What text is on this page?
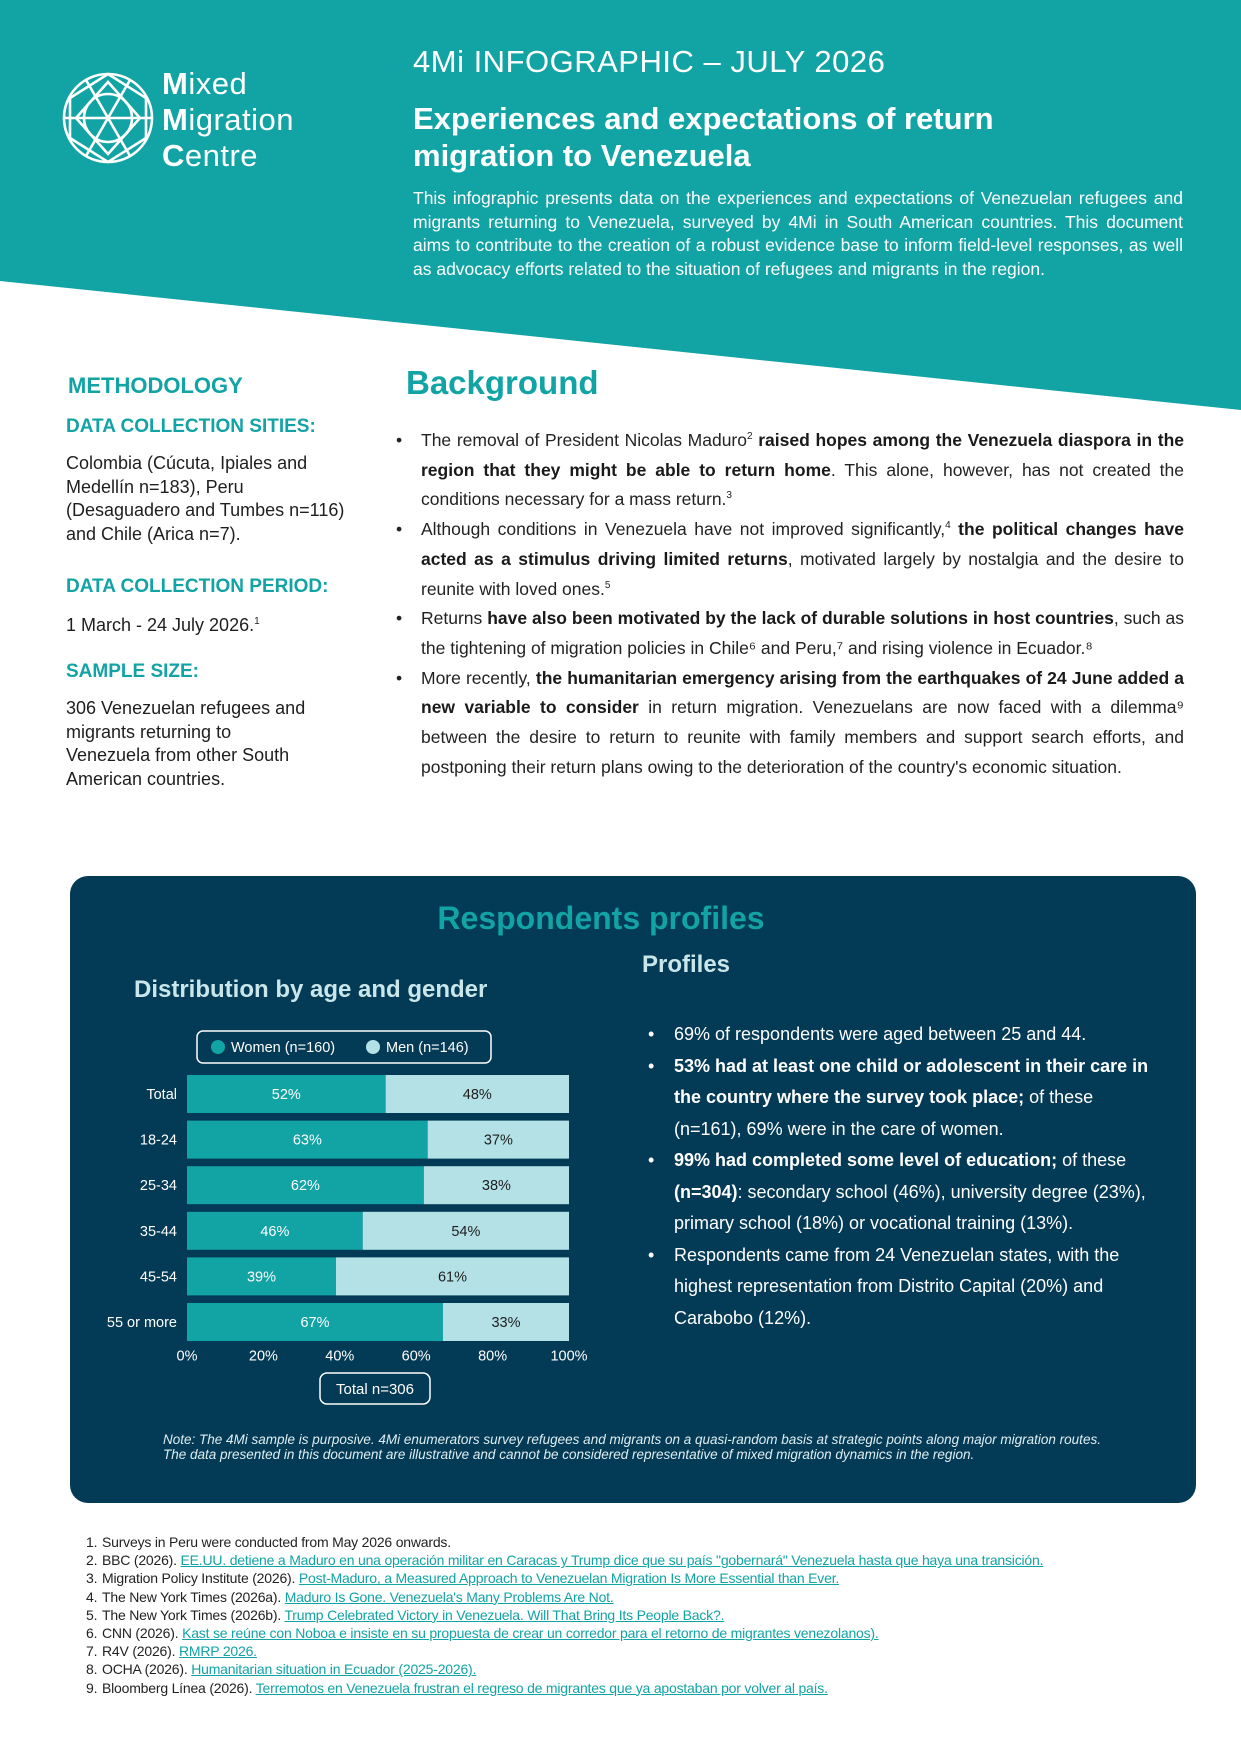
Mixed
Migration
Centre
4Mi INFOGRAPHIC – JULY 2026
Experiences and expectations of return migration to Venezuela
This infographic presents data on the experiences and expectations of Venezuelan refugees and migrants returning to Venezuela, surveyed by 4Mi in South American countries. This document aims to contribute to the creation of a robust evidence base to inform field-level responses, as well as advocacy efforts related to the situation of refugees and migrants in the region.
METHODOLOGY
DATA COLLECTION SITIES:
Colombia (Cúcuta, Ipiales and Medellín n=183), Peru (Desaguadero and Tumbes n=116) and Chile (Arica n=7).
DATA COLLECTION PERIOD:
1 March - 24 July 2026.$^1$
SAMPLE SIZE:
306 Venezuelan refugees and migrants returning to Venezuela from other South American countries.
Background
• The removal of President Nicolas Maduro$^2$ raised hopes among the Venezuela diaspora in the region that they might be able to return home. This alone, however, has not created the conditions necessary for a mass return.$^3$
• Although conditions in Venezuela have not improved significantly,$^4$ the political changes have acted as a stimulus driving limited returns, motivated largely by nostalgia and the desire to reunite with loved ones.$^5$
• Returns have also been motivated by the lack of durable solutions in host countries, such as the tightening of migration policies in Chile⁶ and Peru,⁷ and rising violence in Ecuador.⁸
• More recently, the humanitarian emergency arising from the earthquakes of 24 June added a new variable to consider in return migration. Venezuelans are now faced with a dilemma⁹ between the desire to return to reunite with family members and support search efforts, and postponing their return plans owing to the deterioration of the country's economic situation.
Respondents profiles
Distribution by age and gender
Profiles
Women (n=160)	Men (n=146)
Total	52%	48%
18-24	63%	37%
25-34	62%	38%
35-44	46%	54%
45-54	39%	61%
55 or more	67%	33%
0%	20%	40%	60%	80%	100%
Total n=306
• 69% of respondents were aged between 25 and 44.
• 53% had at least one child or adolescent in their care in the country where the survey took place; of these (n=161), 69% were in the care of women.
• 99% had completed some level of education; of these (n=304): secondary school (46%), university degree (23%), primary school (18%) or vocational training (13%).
• Respondents came from 24 Venezuelan states, with the highest representation from Distrito Capital (20%) and Carabobo (12%).
Note: The 4Mi sample is purposive. 4Mi enumerators survey refugees and migrants on a quasi-random basis at strategic points along major migration routes. The data presented in this document are illustrative and cannot be considered representative of mixed migration dynamics in the region.
1. Surveys in Peru were conducted from May 2026 onwards.
2. BBC (2026). EE.UU. detiene a Maduro en una operación militar en Caracas y Trump dice que su país "gobernará" Venezuela hasta que haya una transición.
3. Migration Policy Institute (2026). Post-Maduro, a Measured Approach to Venezuelan Migration Is More Essential than Ever.
4. The New York Times (2026a). Maduro Is Gone. Venezuela's Many Problems Are Not.
5. The New York Times (2026b). Trump Celebrated Victory in Venezuela. Will That Bring Its People Back?.
6. CNN (2026). Kast se reúne con Noboa e insiste en su propuesta de crear un corredor para el retorno de migrantes venezolanos).
7. R4V (2026). RMRP 2026.
8. OCHA (2026). Humanitarian situation in Ecuador (2025-2026).
9. Bloomberg Línea (2026). Terremotos en Venezuela frustran el regreso de migrantes que ya apostaban por volver al país.
